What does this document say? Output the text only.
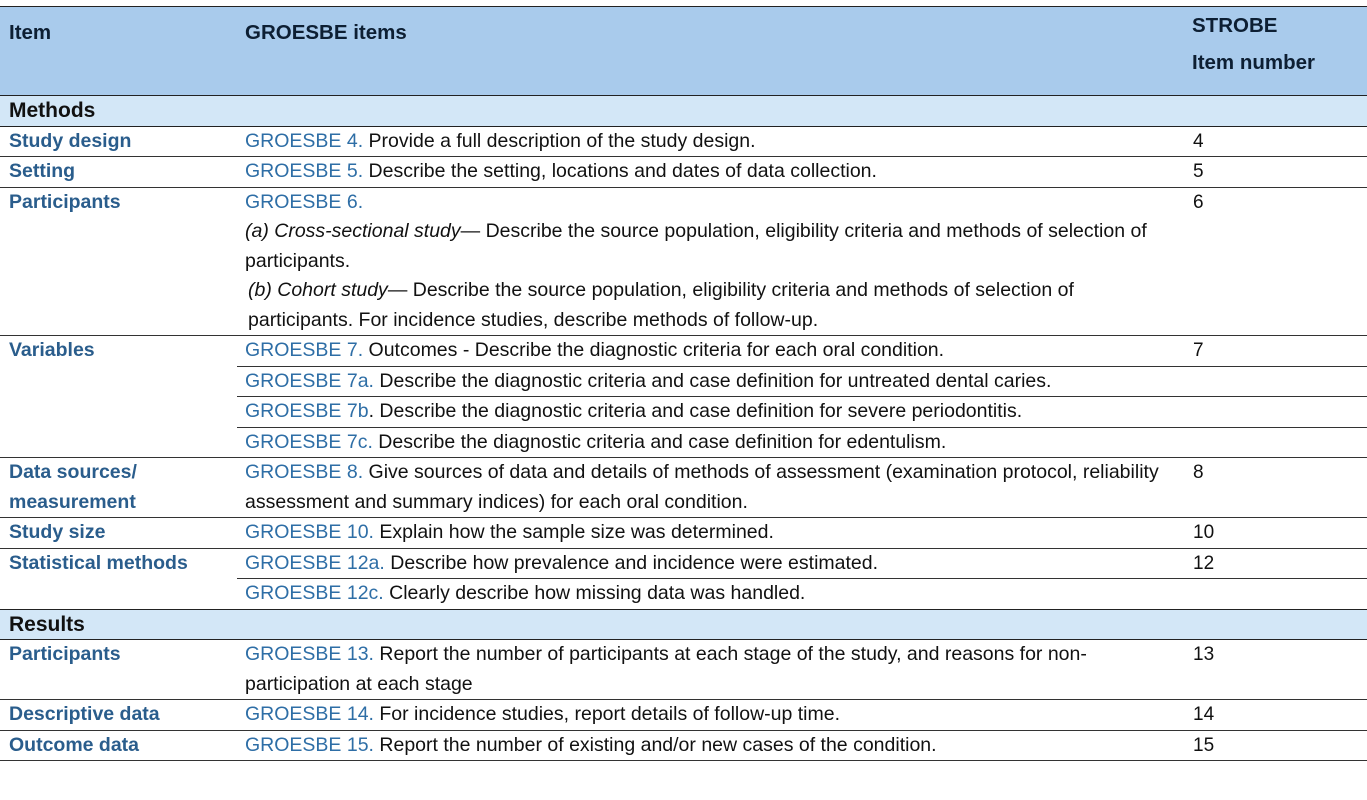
Item	GROESBE items	STROBE
Item number

Methods		
Study design	GROESBE 4. Provide a full description of the study design.	4
Setting	GROESBE 5. Describe the setting, locations and dates of data collection.	5
Participants	GROESBE 6.
(a) Cross-sectional study— Describe the source population, eligibility criteria and methods of selection of participants.
(b) Cohort study— Describe the source population, eligibility criteria and methods of selection of participants. For incidence studies, describe methods of follow-up.	6
Variables	GROESBE 7. Outcomes - Describe the diagnostic criteria for each oral condition.	7
	GROESBE 7a. Describe the diagnostic criteria and case definition for untreated dental caries.	
	GROESBE 7b. Describe the diagnostic criteria and case definition for severe periodontitis.	
	GROESBE 7c. Describe the diagnostic criteria and case definition for edentulism.	

Data sources/
measurement	GROESBE 8. Give sources of data and details of methods of assessment (examination protocol, reliability assessment and summary indices) for each oral condition.	8
Study size	GROESBE 10. Explain how the sample size was determined.	10
Statistical methods	GROESBE 12a. Describe how prevalence and incidence were estimated.	12
	GROESBE 12c. Clearly describe how missing data was handled.	
Results		
Participants	GROESBE 13. Report the number of participants at each stage of the study, and reasons for non-participation at each stage	13
Descriptive data	GROESBE 14. For incidence studies, report details of follow-up time.	14
Outcome data	GROESBE 15. Report the number of existing and/or new cases of the condition.	15
